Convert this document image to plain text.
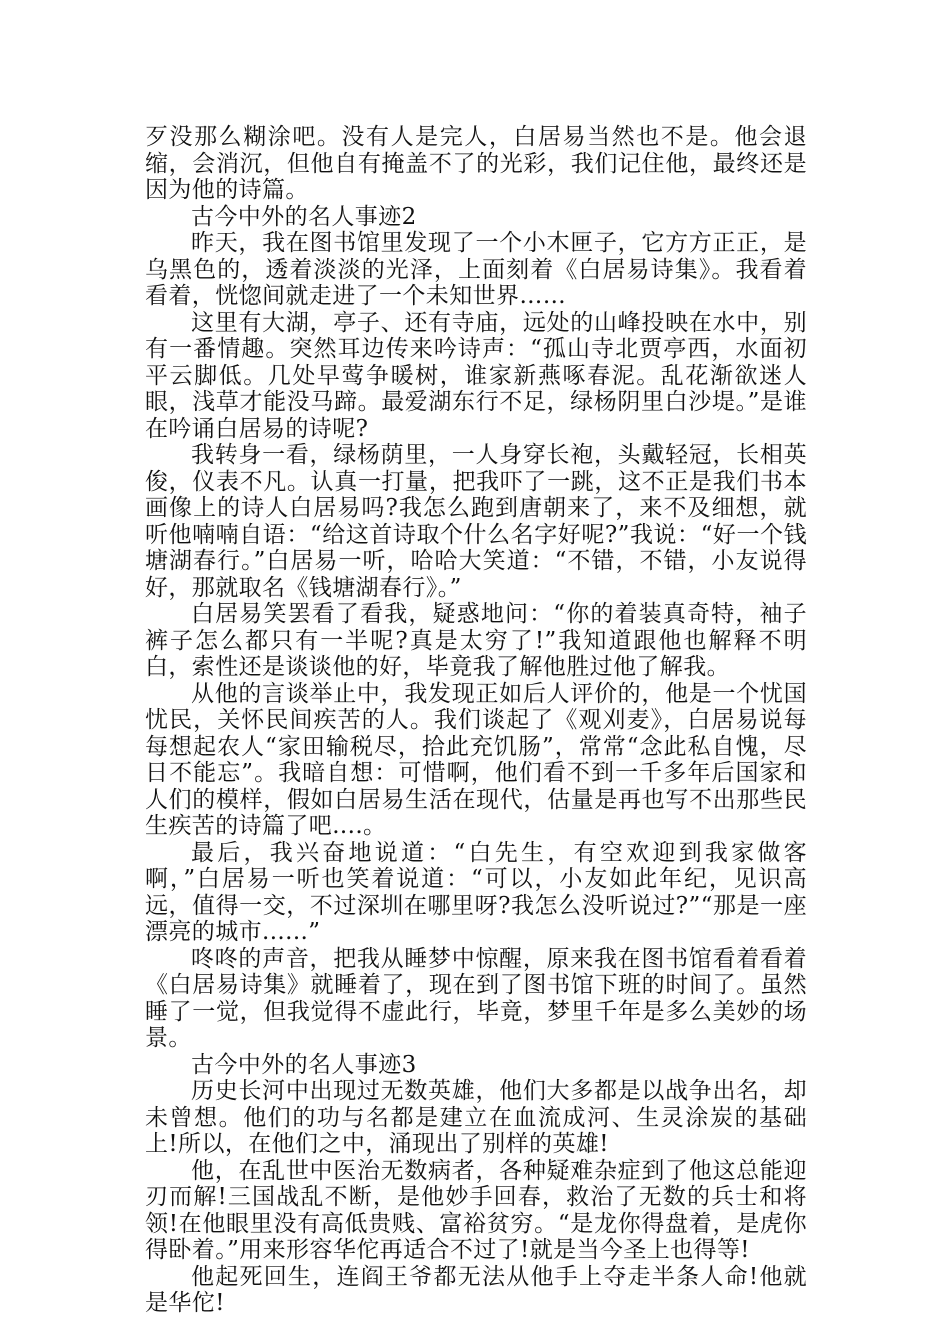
歹没那么糊涂吧。没有人是完人，白居易当然也不是。他会退缩，会消沉，但他自有掩盖不了的光彩，我们记住他，最终还是因为他的诗篇。

古今中外的名人事迹2

昨天，我在图书馆里发现了一个小木匣子，它方方正正，是乌黑色的，透着淡淡的光泽，上面刻着《白居易诗集》。我看着看着，恍惚间就走进了一个未知世界……

这里有大湖，亭子、还有寺庙，远处的山峰投映在水中，别有一番情趣。突然耳边传来吟诗声：“孤山寺北贾亭西，水面初平云脚低。几处早莺争暖树，谁家新燕啄春泥。乱花渐欲迷人眼，浅草才能没马蹄。最爱湖东行不足，绿杨阴里白沙堤。”是谁在吟诵白居易的诗呢?

我转身一看，绿杨荫里，一人身穿长袍，头戴轻冠，长相英俊，仪表不凡。认真一打量，把我吓了一跳，这不正是我们书本画像上的诗人白居易吗?我怎么跑到唐朝来了，来不及细想，就听他喃喃自语：“给这首诗取个什么名字好呢?”我说：“好一个钱塘湖春行。”白居易一听，哈哈大笑道：“不错，不错，小友说得好，那就取名《钱塘湖春行》。”

白居易笑罢看了看我，疑惑地问：“你的着装真奇特，袖子裤子怎么都只有一半呢?真是太穷了!”我知道跟他也解释不明白，索性还是谈谈他的好，毕竟我了解他胜过他了解我。

从他的言谈举止中，我发现正如后人评价的，他是一个忧国忧民，关怀民间疾苦的人。我们谈起了《观刈麦》，白居易说每每想起农人“家田输税尽，拾此充饥肠”，常常“念此私自愧，尽日不能忘”。我暗自想：可惜啊，他们看不到一千多年后国家和人们的模样，假如白居易生活在现代，估量是再也写不出那些民生疾苦的诗篇了吧....。

最后，我兴奋地说道：“白先生，有空欢迎到我家做客啊，”白居易一听也笑着说道：“可以，小友如此年纪，见识高远，值得一交，不过深圳在哪里呀?我怎么没听说过?”“那是一座漂亮的城市......”

咚咚的声音，把我从睡梦中惊醒，原来我在图书馆看着看着《白居易诗集》就睡着了，现在到了图书馆下班的时间了。虽然睡了一觉，但我觉得不虚此行，毕竟，梦里千年是多么美妙的场景。

古今中外的名人事迹3

历史长河中出现过无数英雄，他们大多都是以战争出名，却未曾想。他们的功与名都是建立在血流成河、生灵涂炭的基础上!所以，在他们之中，涌现出了别样的英雄!

他，在乱世中医治无数病者，各种疑难杂症到了他这总能迎刃而解!三国战乱不断，是他妙手回春，救治了无数的兵士和将领!在他眼里没有高低贵贱、富裕贫穷。“是龙你得盘着，是虎你得卧着。”用来形容华佗再适合不过了!就是当今圣上也得等!

他起死回生，连阎王爷都无法从他手上夺走半条人命!他就是华佗!
